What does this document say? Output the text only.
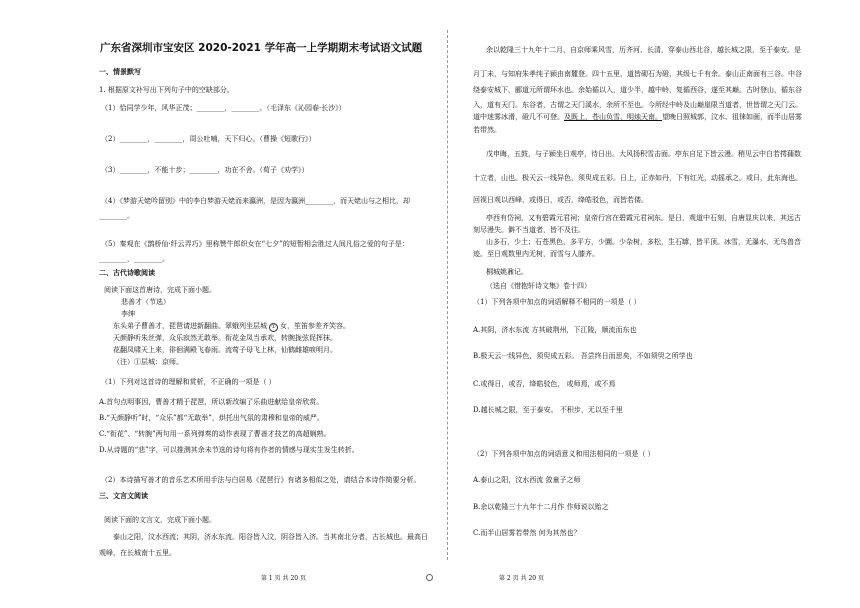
广东省深圳市宝安区 2020-2021 学年高一上学期期末考试语文试题
一、情景默写
1. 根据原文补写出下列句子中的空缺部分。
（1）恰同学少年，风华正茂；________，________。（毛泽东《沁园春·长沙》）
（2）________，________，周公吐哺，天下归心。（曹操《短歌行》）
（3）________，不能十步；________，功在不舍。（荀子《劝学》）
（4）《梦游天姥吟留别》中的李白梦游天姥而来瀛洲，是因为瀛洲________，而天姥山与之相比，却
________。
（5）秦观在《鹊桥仙·纤云弄巧》里称赞牛郎织女在“七夕”的短暂相会胜过人间凡俗之爱的句子是：
________，________。
二、古代诗歌阅读
阅读下面这首唐诗，完成下面小题。
悲善才（节选）
李绅
东头弟子曹善才，琵琶请进新翻曲。翠蛾列坐层城 ① 女，笙笛参差齐笑容。
天颜静听朱丝弹，众乐寂然无敢举。衔花金凤当承欢，转腕拢弦促挥抹。
花翻凤啸天上来，徘徊满殿飞春雨。流莺子母飞上林，仙鹤雌雄唳明月。
（注）①层城：京师。
（1）下列对这首诗的理解和赏析，不正确的一项是（ ）
A.首句点明事因，曹善才精于琵琶，所以新改编了乐曲进献给皇帝欣赏。
B.“天颜静听”时，“众乐”都“无敢举”，烘托出气氛的肃穆和皇帝的威严。
C.“衔花”、“转腕”两句用一系列弹奏的动作表现了曹善才技艺的高超娴熟。
D.从诗题的“悲”字，可以推测其余未节选的诗句将有作者的情感与现实生发生转折。
（2）本诗描写善才的音乐艺术所用手法与白居易《琵琶行》有诸多相似之处，请结合本诗作简要分析。
三、文言文阅读
阅读下面的文言文，完成下面小题。
泰山之阳，汶水西流；其阴，济水东流。阳谷皆入汶，阴谷皆入济。当其南北分者，古长城也。最高日
观峰，在长城南十五里。
第 1 页 共 20 页
余以乾隆三十九年十二月，自京师乘风雪，历齐河、长清，穿泰山西北谷，越长城之限，至于泰安。是
月丁未，与知府朱孝纯子颍由南麓登。四十五里，道皆砌石为磴，其级七千有余。泰山正南面有三谷。中谷
绕泰安城下，郦道元所谓环水也。余始循以入，道少半，越中岭，复循西谷，遂至其巅。古时登山，循东谷
入，道有天门。东谷者，古谓之天门溪水，余所不至也。今所经中岭及山巅崖限当道者，世皆谓之天门云。
道中迷雾冰滑，磴几不可登。及既上，苍山负雪，明烛天南。望晚日照城郭，汶水、徂徕如画，而半山居雾
若带然。
戊申晦，五鼓，与子颍坐日观亭，待日出。大风扬积雪击面。亭东自足下皆云漫。稍见云中白若摴蒱数
十立者，山也。极天云一线异色，须臾成五彩。日上，正赤如丹，下有红光，动摇承之。或曰，此东海也。
回视日观以西峰，或得日，或否，绛皓驳色，而皆若偻。
亭西有岱祠，又有碧霞元君祠；皇帝行宫在碧霞元君祠东。是日，观道中石刻，自唐显庆以来，其远古
刻尽漫失。僻不当道者，皆不及往。
山多石，少土；石苍黑色，多平方，少圜。少杂树，多松，生石罅，皆平顶。冰雪，无瀑水，无鸟兽音
迹。至日观数里内无树，而雪与人膝齐。
桐城姚鼐记。
（选自《惜抱轩诗文集》卷十四）
（1）下列各项中加点的词语解释不相同的一项是（ ）
A.其阴，济水东流 方其破荆州，下江陵，顺流而东也
B.极天云一线异色，须臾成五彩。 吾尝终日而思矣，不如须臾之所学也
C.或得日，或否，绛皓驳色， 或师焉，或不焉
D.越长城之限，至于泰安。 不积步，无以至千里
（2）下列各项中加点的词语意义和用法相同的一项是（ ）
A.泰山之阳，汶水西流 敛童子之师
B.余以乾隆三十九年十二月作 作师说以贻之
C.而半山居雾若带然 何为其然也？
第 2 页 共 20 页
